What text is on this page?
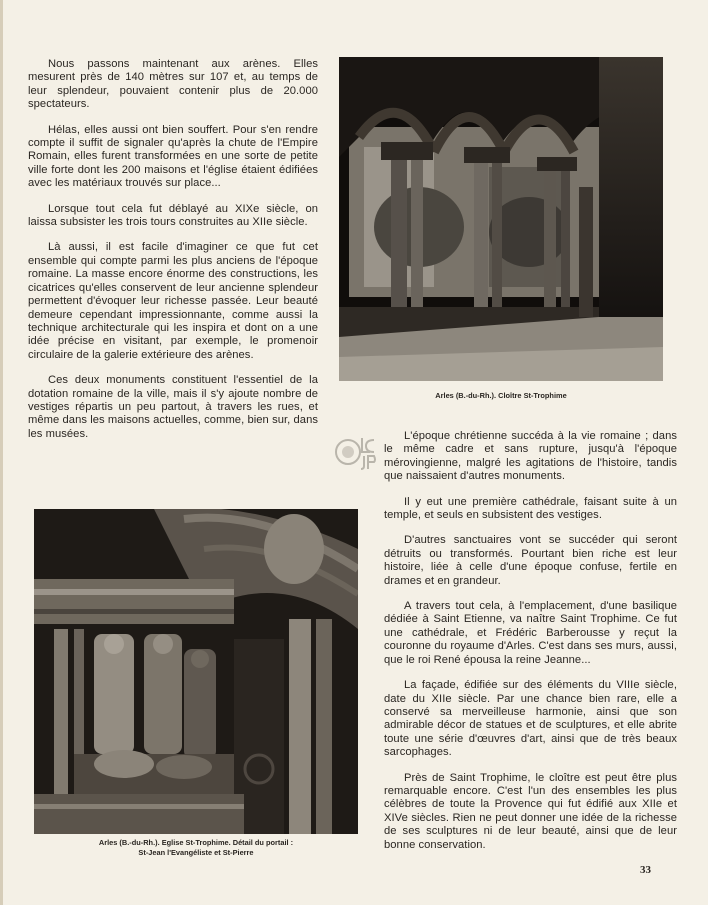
Nous passons maintenant aux arènes. Elles mesurent près de 140 mètres sur 107 et, au temps de leur splendeur, pouvaient contenir plus de 20.000 spectateurs.

Hélas, elles aussi ont bien souffert. Pour s'en rendre compte il suffit de signaler qu'après la chute de l'Empire Romain, elles furent transformées en une sorte de petite ville forte dont les 200 maisons et l'église étaient édifiées avec les matériaux trouvés sur place...

Lorsque tout cela fut déblayé au XIXe siècle, on laissa subsister les trois tours construites au XIIe siècle.

Là aussi, il est facile d'imaginer ce que fut cet ensemble qui compte parmi les plus anciens de l'époque romaine. La masse encore énorme des constructions, les cicatrices qu'elles conservent de leur ancienne splendeur permettent d'évoquer leur richesse passée. Leur beauté demeure cependant impressionnante, comme aussi la technique architecturale qui les inspira et dont on a une idée précise en visitant, par exemple, le promenoir circulaire de la galerie extérieure des arènes.

Ces deux monuments constituent l'essentiel de la dotation romaine de la ville, mais il s'y ajoute nombre de vestiges répartis un peu partout, à travers les rues, et même dans les maisons actuelles, comme, bien sur, dans les musées.

Arles (B.-du-Rh.). Cloître St-Trophime

L'époque chrétienne succéda à la vie romaine ; dans le même cadre et sans rupture, jusqu'à l'époque mérovingienne, malgré les agitations de l'histoire, tandis que naissaient d'autres monuments.

Il y eut une première cathédrale, faisant suite à un temple, et seuls en subsistent des vestiges.

D'autres sanctuaires vont se succéder qui seront détruits ou transformés. Pourtant bien riche est leur histoire, liée à celle d'une époque confuse, fertile en drames et en grandeur.

A travers tout cela, à l'emplacement, d'une basilique dédiée à Saint Etienne, va naître Saint Trophime. Ce fut une cathédrale, et Frédéric Barberousse y reçut la couronne du royaume d'Arles. C'est dans ses murs, aussi, que le roi René épousa la reine Jeanne...

La façade, édifiée sur des éléments du VIIIe siècle, date du XIIe siècle. Par une chance bien rare, elle a conservé sa merveilleuse harmonie, ainsi que son admirable décor de statues et de sculptures, et elle abrite toute une série d'œuvres d'art, ainsi que de très beaux sarcophages.

Près de Saint Trophime, le cloître est peut être plus remarquable encore. C'est l'un des ensembles les plus célèbres de toute la Provence qui fut édifié aux XIIe et XIVe siècles. Rien ne peut donner une idée de la richesse de ses sculptures ni de leur beauté, ainsi que de leur bonne conservation.

Arles (B.-du-Rh.). Eglise St-Trophime. Détail du portail :
St-Jean l'Evangéliste et St-Pierre
33
